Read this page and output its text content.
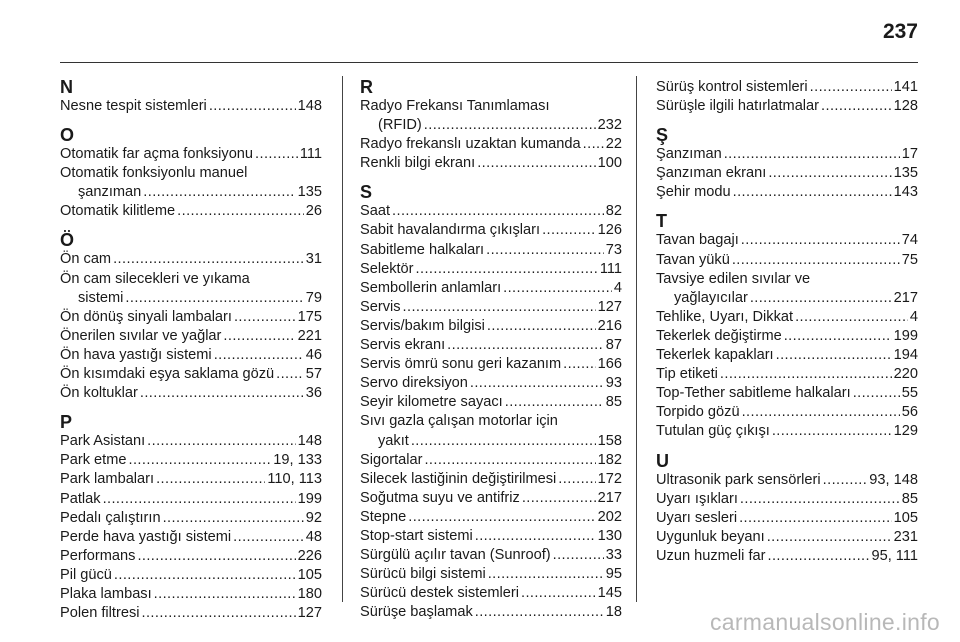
237
N
Nesne tespit sistemleri .....	148
O
Otomatik far açma fonksiyonu .....	111
Otomatik fonksiyonlu manuel
şanzıman .....	135
Otomatik kilitleme .....	26
Ö
Ön cam .....	31
Ön cam silecekleri ve yıkama
sistemi .....	79
Ön dönüş sinyali lambaları .....	175
Önerilen sıvılar ve yağlar .....	221
Ön hava yastığı sistemi .....	46
Ön kısımdaki eşya saklama gözü ..... 57
Ön koltuklar .....	36
P
Park Asistanı .....	148
Park etme .....	19, 133
Park lambaları .....	110, 113
Patlak .....	199
Pedalı çalıştırın .....	92
Perde hava yastığı sistemi .....	48
Performans .....	226
Pil gücü .....	105
Plaka lambası .....	180
Polen filtresi .....	127
R
Radyo Frekansı Tanımlaması
(RFID) .....	232
Radyo frekanslı uzaktan kumanda ..... 22
Renkli bilgi ekranı .....	100
S
Saat .....	82
Sabit havalandırma çıkışları .....	126
Sabitleme halkaları .....	73
Selektör .....	111
Sembollerin anlamları .....	4
Servis .....	127
Servis/bakım bilgisi .....	216
Servis ekranı .....	87
Servis ömrü sonu geri kazanım ..... 166
Servo direksiyon .....	93
Seyir kilometre sayacı .....	85
Sıvı gazla çalışan motorlar için
yakıt .....	158
Sigortalar .....	182
Silecek lastiğinin değiştirilmesi .....	172
Soğutma suyu ve antifriz .....	217
Stepne .....	202
Stop-start sistemi .....	130
Sürgülü açılır tavan (Sunroof) .....	33
Sürücü bilgi sistemi .....	95
Sürücü destek sistemleri .....	145
Sürüşe başlamak .....	18
Sürüş kontrol sistemleri .....	141
Sürüşle ilgili hatırlatmalar .....	128
Ş
Şanzıman .....	17
Şanzıman ekranı .....	135
Şehir modu .....	143
T
Tavan bagajı .....	74
Tavan yükü .....	75
Tavsiye edilen sıvılar ve
yağlayıcılar .....	217
Tehlike, Uyarı, Dikkat .....	4
Tekerlek değiştirme .....	199
Tekerlek kapakları .....	194
Tip etiketi .....	220
Top-Tether sabitleme halkaları .....	55
Torpido gözü .....	56
Tutulan güç çıkışı .....	129
U
Ultrasonik park sensörleri .....	93, 148
Uyarı ışıkları .....	85
Uyarı sesleri .....	105
Uygunluk beyanı .....	231
Uzun huzmeli far .....	95, 111
carmanualsonline.info
